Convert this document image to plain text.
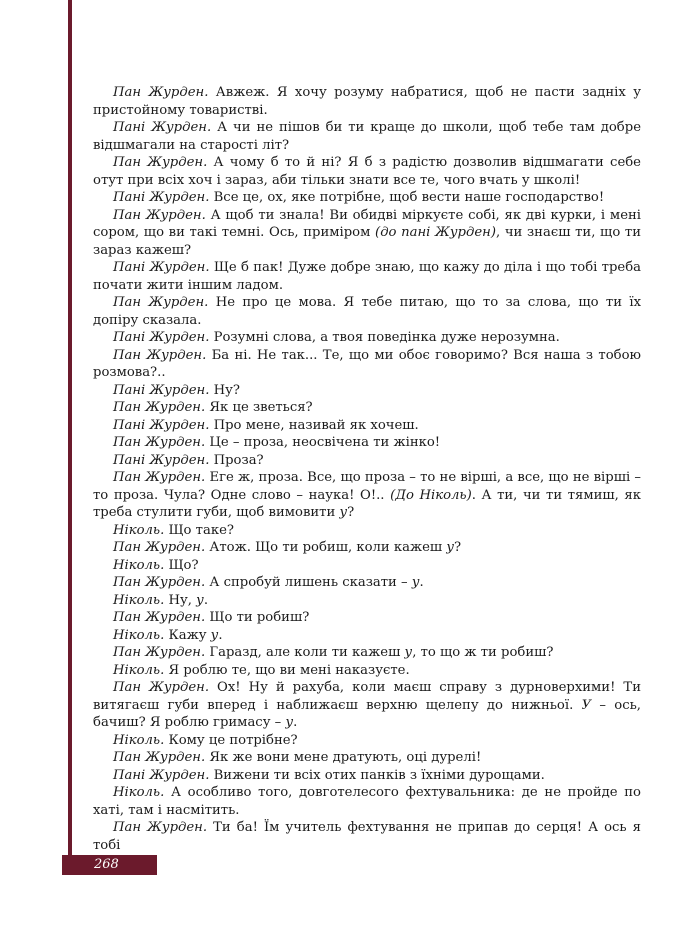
Пан Журден . Авжеж. Я хочу розуму набратися, щоб не пасти задніх у пристойному товаристві.

Пані Журден . А чи не пішов би ти краще до школи, щоб тебе там добре відшмагали на старості літ?

Пан Журден . А чому б то й ні? Я б з радістю дозволив відшмагати себе отут при всіх хоч і зараз, аби тільки знати все те, чого вчать у школі!

Пані Журден . Все це, ох, яке потрібне, щоб вести наше господарство!

Пан Журден . А щоб ти знала! Ви обидві міркуєте собі, як дві курки, і мені сором, що ви такі темні. Ось, приміром (до пані Журден), чи знаєш ти, що ти зараз кажеш?

Пані Журден . Ще б пак! Дуже добре знаю, що кажу до діла і що тобі треба почати жити іншим ладом.

Пан Журден . Не про це мова. Я тебе питаю, що то за слова, що ти їх допіру сказала.

Пані Журден . Розумні слова, а твоя поведінка дуже нерозумна.

Пан Журден . Ба ні. Не так... Те, що ми обоє говоримо? Вся наша з тобою розмова?..

Пані Журден . Ну?

Пан Журден . Як це зветься?

Пані Журден . Про мене, називай як хочеш.

Пан Журден . Це – проза, неосвічена ти жінко!

Пані Журден . Проза?

Пан Журден . Еге ж, проза. Все, що проза – то не вірші, а все, що не вірші – то проза. Чула? Одне слово – наука! О!.. (До Ніколь). А ти, чи ти тямиш, як треба стулити губи, щоб вимовити у?

Ніколь . Що таке?

Пан Журден . Атож. Що ти робиш, коли кажеш у?

Ніколь . Що?

Пан Журден . А спробуй лишень сказати – у.

Ніколь . Ну, у.

Пан Журден . Що ти робиш?

Ніколь . Кажу у.

Пан Журден . Гаразд, але коли ти кажеш у, то що ж ти робиш?

Ніколь . Я роблю те, що ви мені наказуєте.

Пан Журден . Ох! Ну й рахуба, коли маєш справу з дурноверхими! Ти витягаєш губи вперед і наближаєш верхню щелепу до нижньої. У – ось, бачиш? Я роблю гримасу – у.

Ніколь . Кому це потрібне?

Пан Журден . Як же вони мене дратують, оці дурелі!

Пані Журден . Вижени ти всіх отих панків з їхніми дурощами.

Ніколь . А особливо того, довготелесого фехтувальника: де не пройде по хаті, там і насмітить.

Пан Журден . Ти ба! Їм учитель фехтування не припав до серця! А ось я тобі

268
